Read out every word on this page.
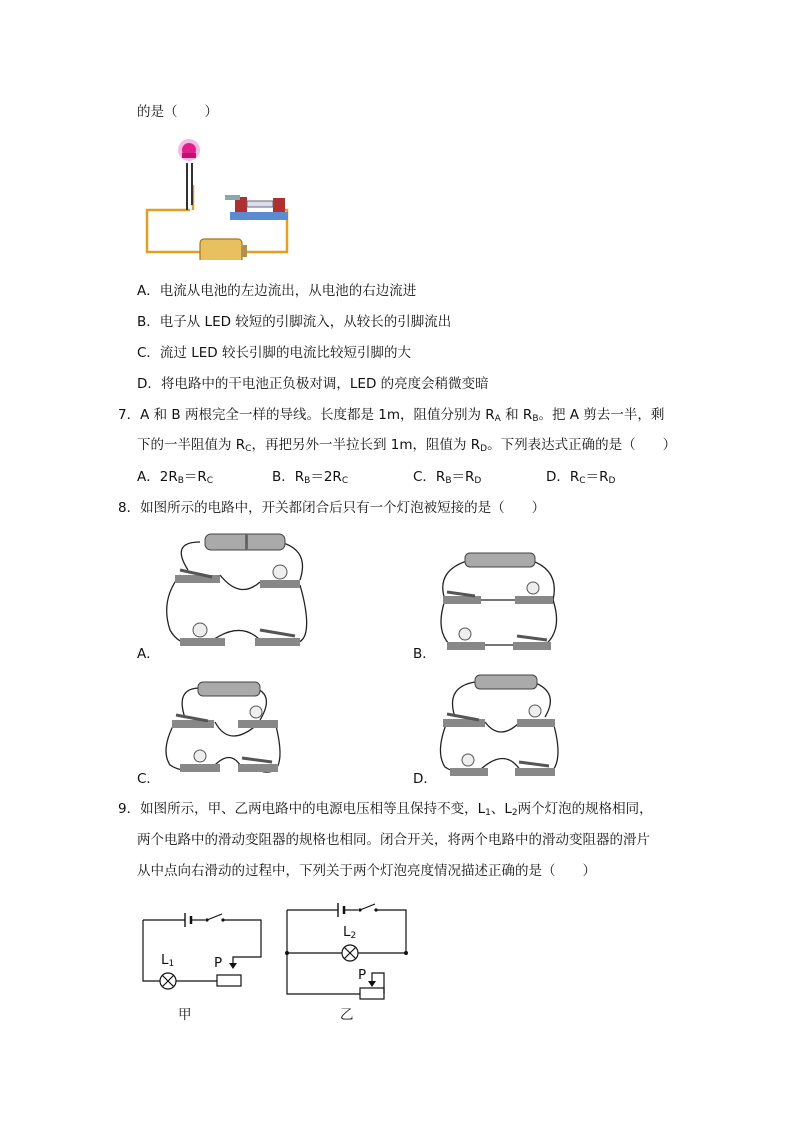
的是（　　）
A．电流从电池的左边流出，从电池的右边流进
B．电子从 LED 较短的引脚流入，从较长的引脚流出
C．流过 LED 较长引脚的电流比较短引脚的大
D．将电路中的干电池正负极对调，LED 的亮度会稍微变暗
7．A 和 B 两根完全一样的导线。长度都是 1m，阻值分别为 $R_A$ 和 $R_B$。把 A 剪去一半，剩
下的一半阻值为 $R_C$，再把另外一半拉长到 1m，阻值为 $R_D$。下列表达式正确的是（　　）
A．$2R_B=R_C$	B．$R_B=2R_C$	C．$R_B=R_D$	D．$R_C=R_D$
8．如图所示的电路中，开关都闭合后只有一个灯泡被短接的是（　　）
A．	B．
C．	D．
9．如图所示，甲、乙两电路中的电源电压相等且保持不变，$L_1$、$L_2$两个灯泡的规格相同，
两个电路中的滑动变阻器的规格也相同。闭合开关，将两个电路中的滑动变阻器的滑片
从中点向右滑动的过程中，下列关于两个灯泡亮度情况描述正确的是（　　）
$L_1$	P
甲
$L_2$
P
乙
